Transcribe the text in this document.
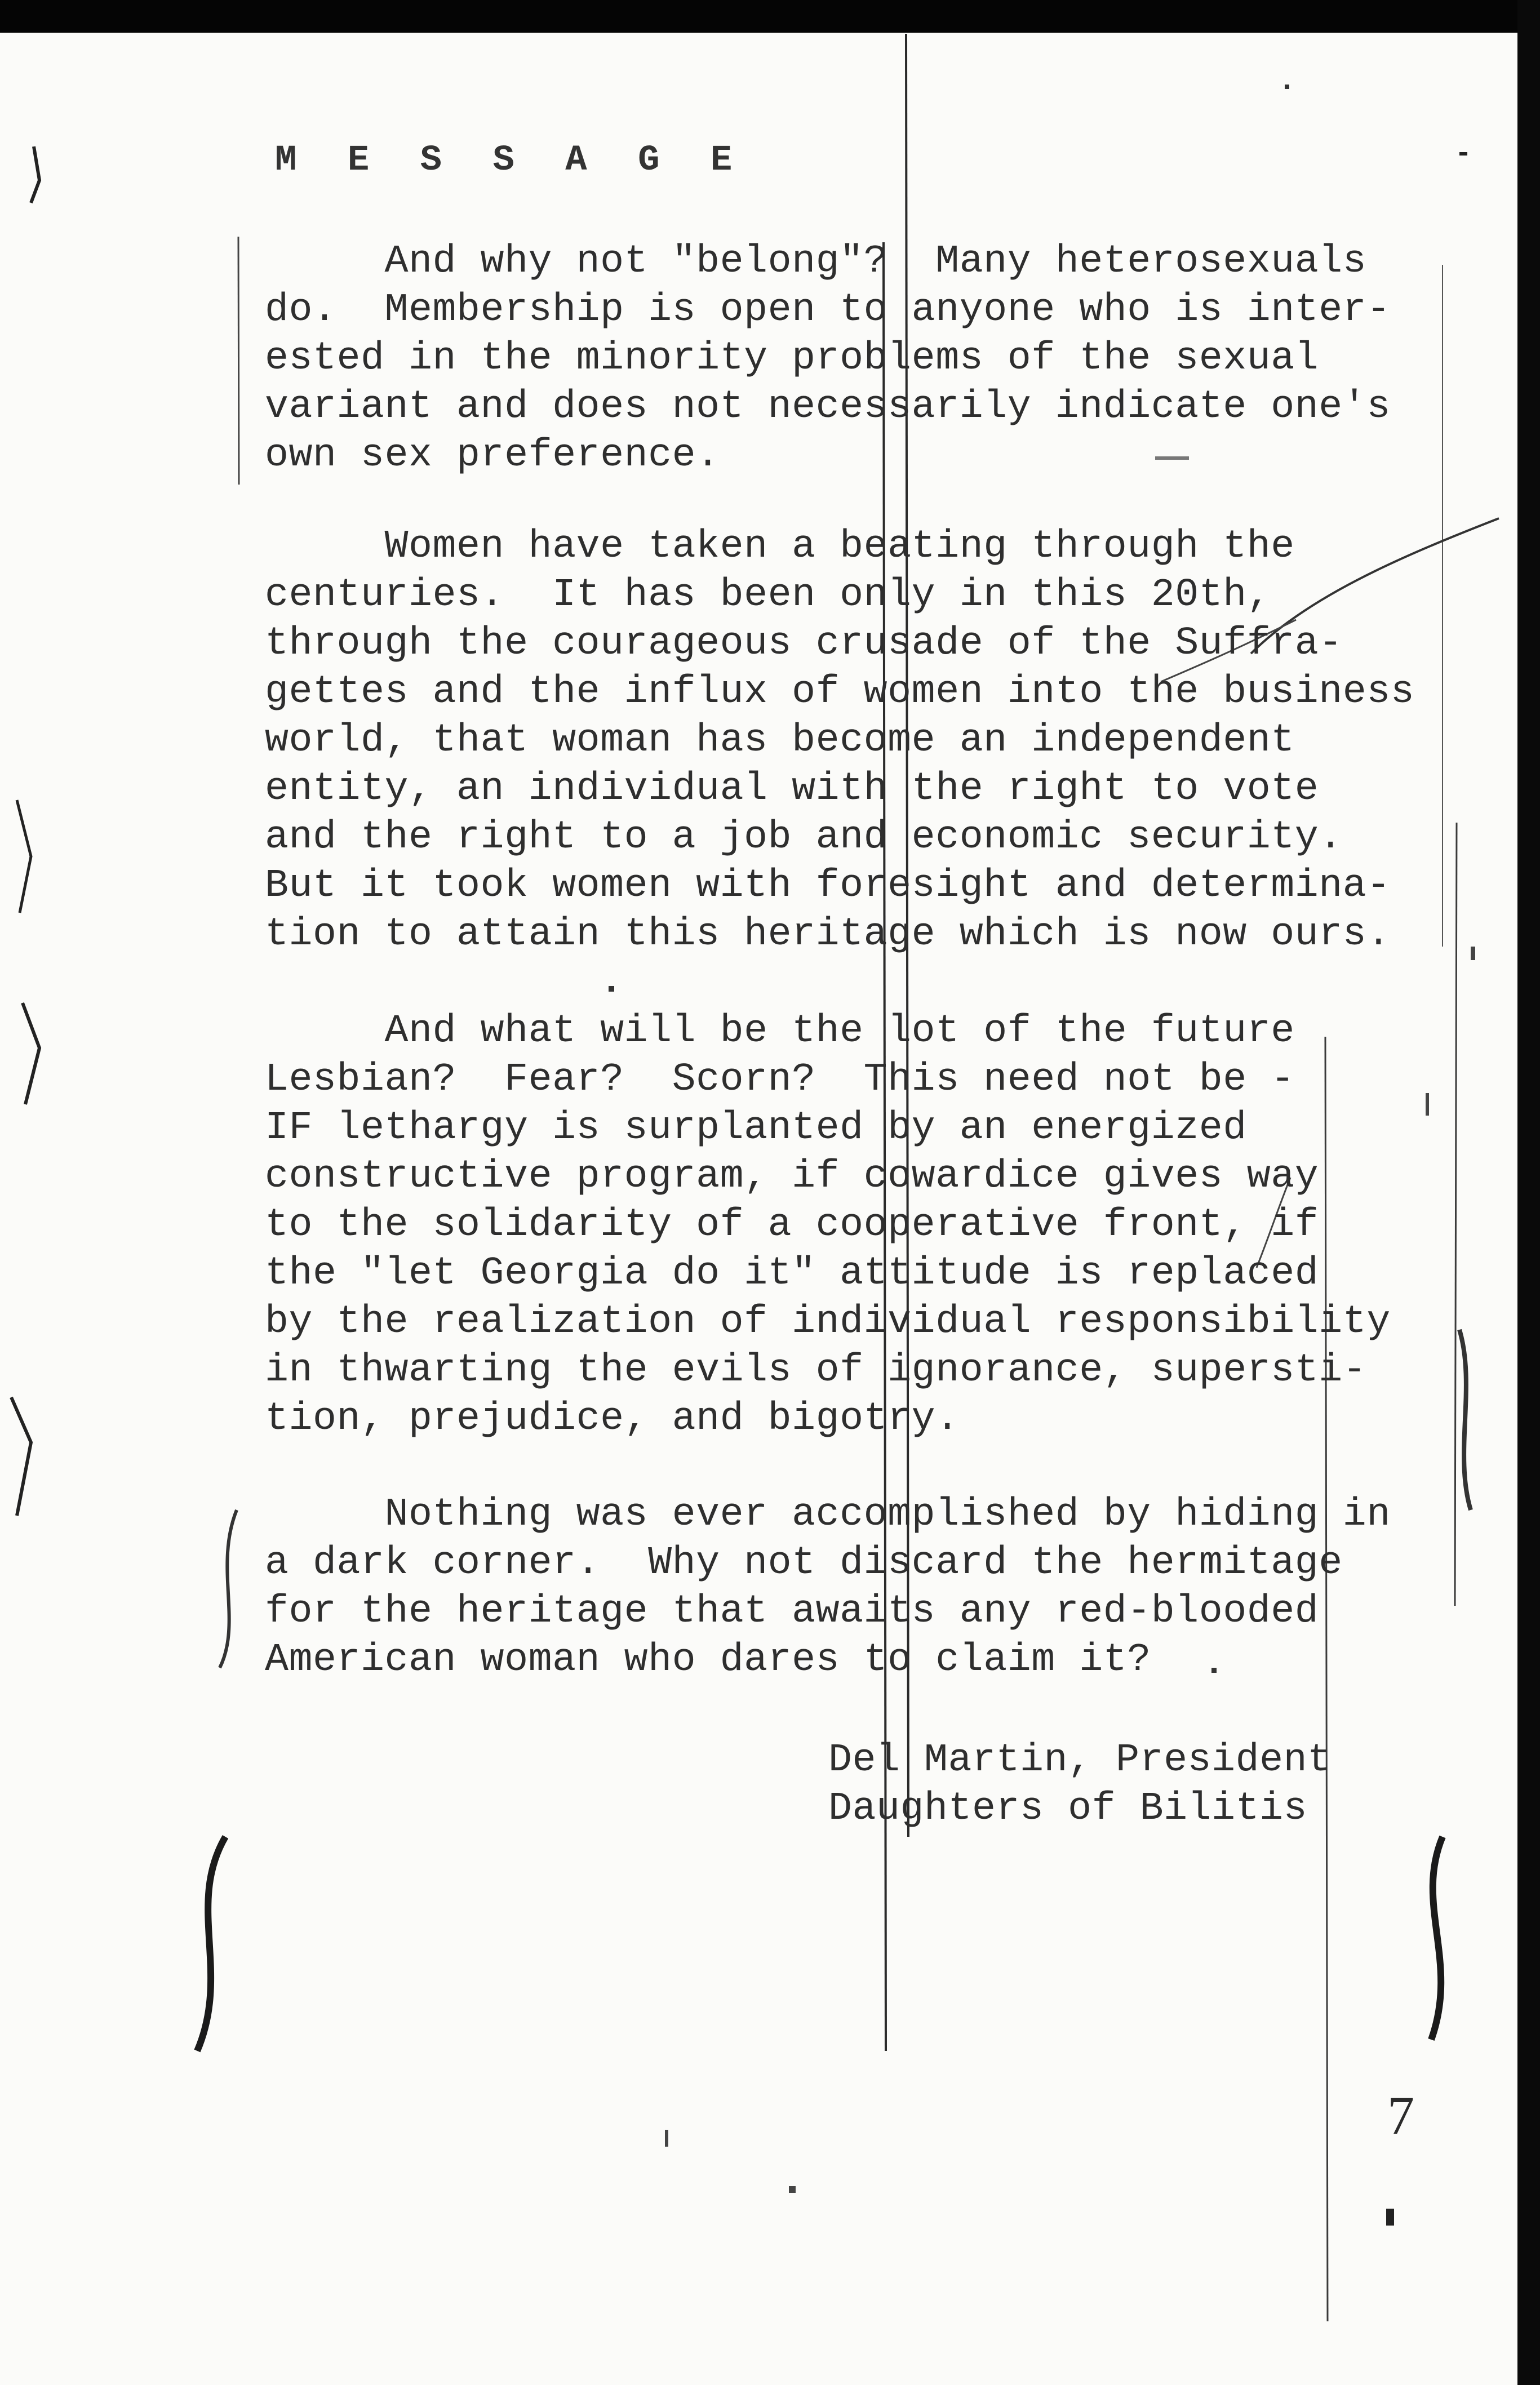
M E S S A G E

And why not "belong"?  Many heterosexuals

do.  Membership is open to anyone who is inter-

ested in the minority problems of the sexual

variant and does not necessarily indicate one's

own sex preference.

Women have taken a beating through the

centuries.  It has been only in this 20th,

through the courageous crusade of the Suffra-

gettes and the influx of women into the business

world, that woman has become an independent

entity, an individual with the right to vote

and the right to a job and economic security.

But it took women with foresight and determina-

tion to attain this heritage which is now ours.

And what will be the lot of the future

Lesbian?  Fear?  Scorn?  This need not be -

IF lethargy is surplanted by an energized

constructive program, if cowardice gives way

to the solidarity of a cooperative front, if

the "let Georgia do it" attitude is replaced

by the realization of individual responsibility

in thwarting the evils of ignorance, supersti-

tion, prejudice, and bigotry.

Nothing was ever accomplished by hiding in

a dark corner.  Why not discard the hermitage

for the heritage that awaits any red-blooded

American woman who dares to claim it?

Del Martin, President

Daughters of Bilitis

7
